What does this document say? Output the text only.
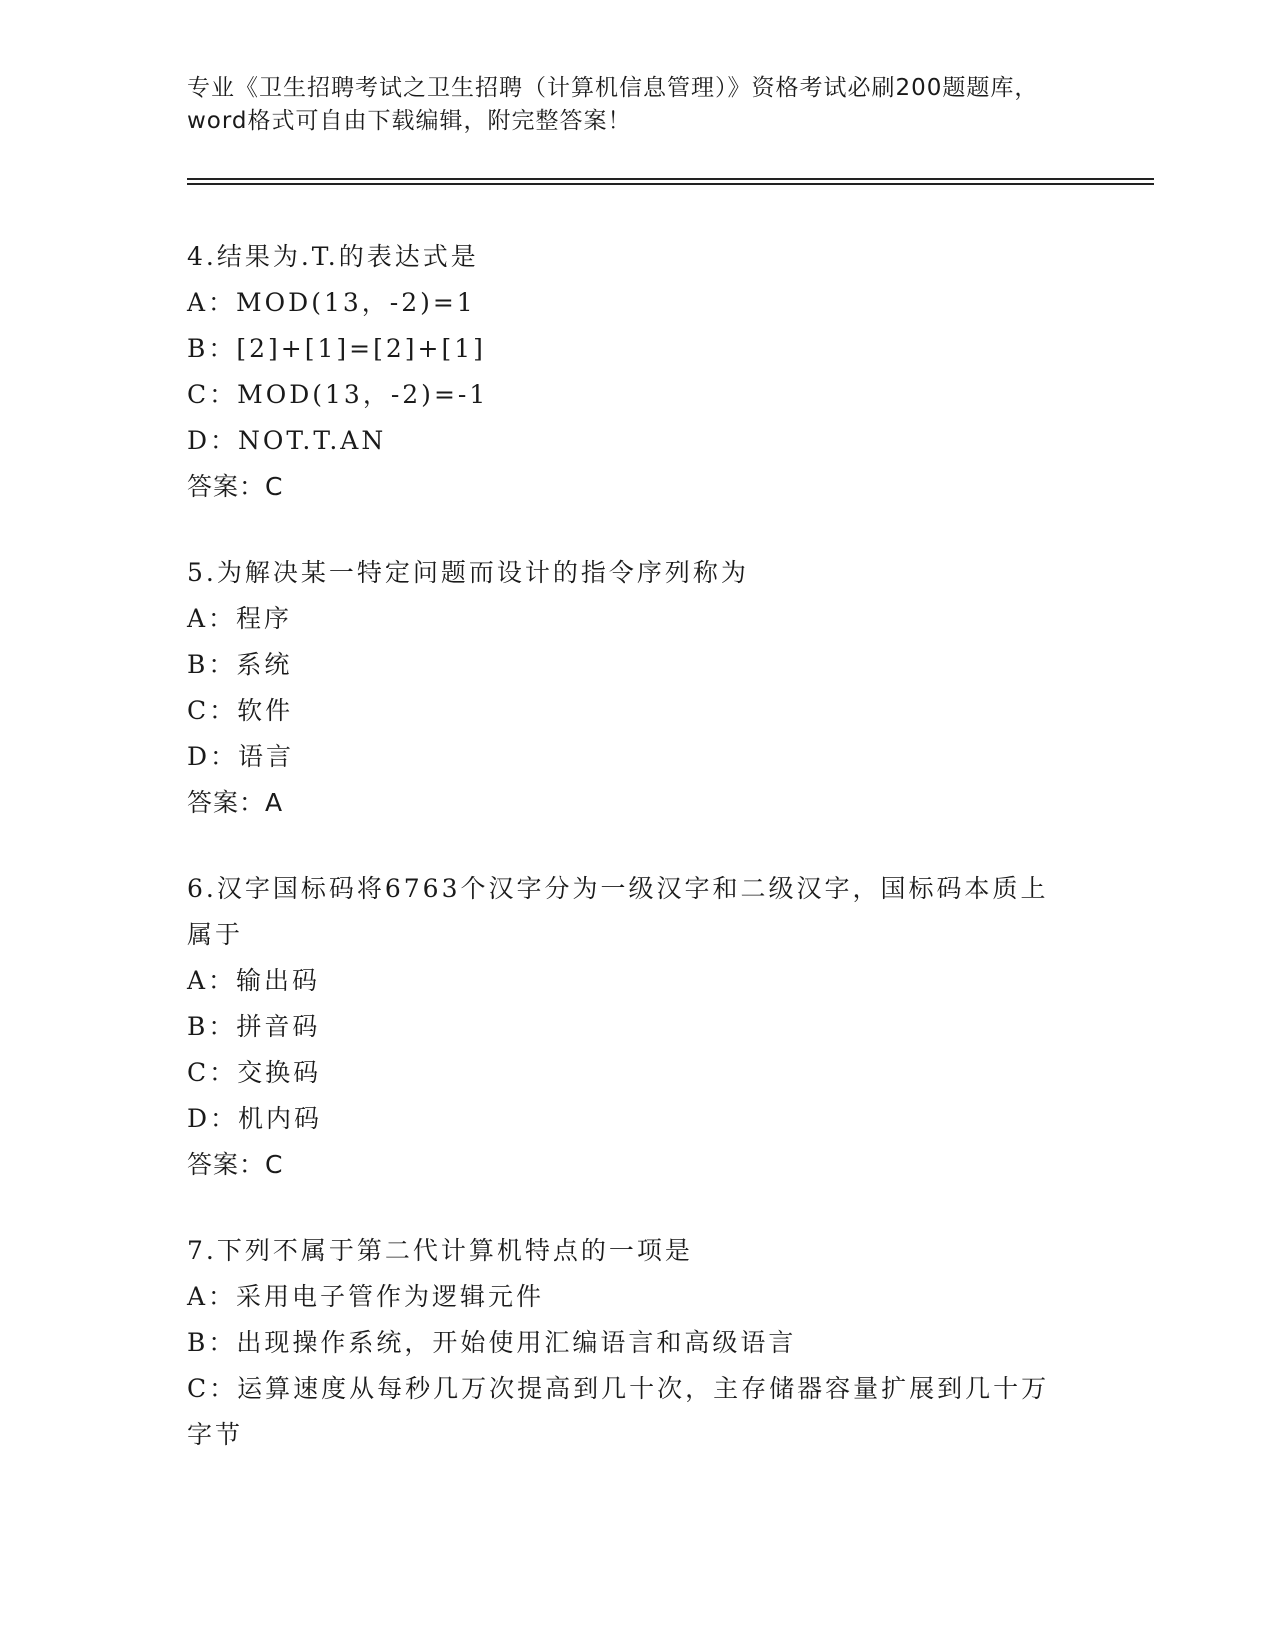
专业《卫生招聘考试之卫生招聘（计算机信息管理）》资格考试必刷200题题库，
word格式可自由下载编辑，附完整答案！
4.结果为.T.的表达式是
A：MOD(13，-2)=1
B：[2]+[1]=[2]+[1]
C：MOD(13，-2)=-1
D：NOT.T.AN
答案：C
5.为解决某一特定问题而设计的指令序列称为
A：程序
B：系统
C：软件
D：语言
答案：A
6.汉字国标码将6763个汉字分为一级汉字和二级汉字，国标码本质上
属于
A：输出码
B：拼音码
C：交换码
D：机内码
答案：C
7.下列不属于第二代计算机特点的一项是
A：采用电子管作为逻辑元件
B：出现操作系统，开始使用汇编语言和高级语言
C：运算速度从每秒几万次提高到几十次，主存储器容量扩展到几十万
字节
